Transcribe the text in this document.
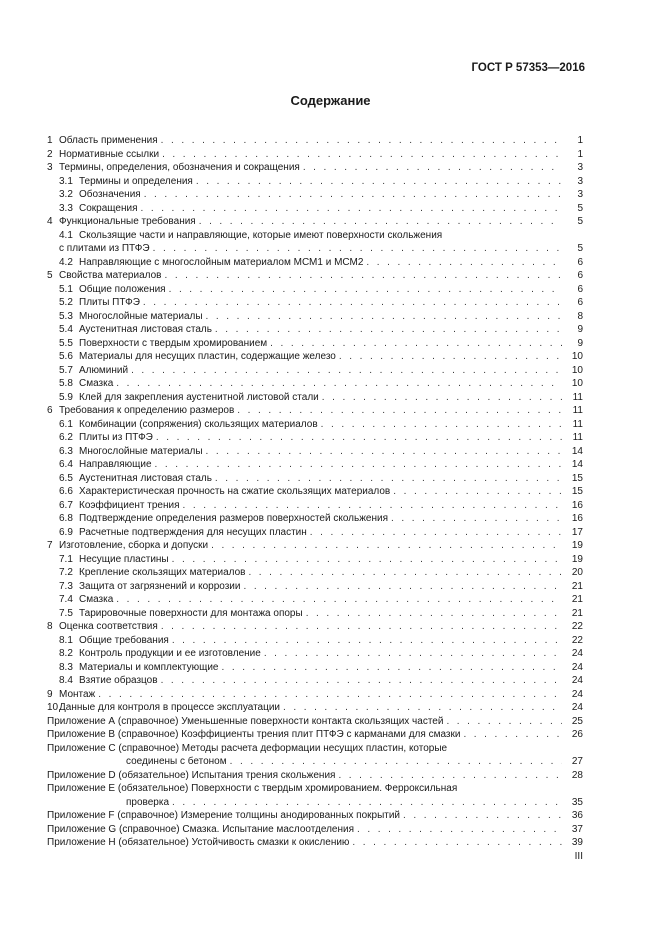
ГОСТ Р 57353—2016
Содержание
1 Область применения . . .	1
2 Нормативные ссылки . . .	1
3 Термины, определения, обозначения и сокращения . . .	3
3.1 Термины и определения . . .	3
3.2 Обозначения . . .	3
3.3 Сокращения . . .	5
4 Функциональные требования . . .	5
4.1 Скользящие части и направляющие, которые имеют поверхности скольжения
с плитами из ПТФЭ . . .	5
4.2 Направляющие с многослойным материалом МСМ1 и МСМ2 . . .	6
5 Свойства материалов . . .	6
5.1 Общие положения . . .	6
5.2 Плиты ПТФЭ . . .	6
5.3 Многослойные материалы . . .	8
5.4 Аустенитная листовая сталь . . .	9
5.5 Поверхности с твердым хромированием . . .	9
5.6 Материалы для несущих пластин, содержащие железо . . .	10
5.7 Алюминий . . .	10
5.8 Смазка . . .	10
5.9 Клей для закрепления аустенитной листовой стали . . .	11
6 Требования к определению размеров . . .	11
6.1 Комбинации (сопряжения) скользящих материалов . . .	11
6.2 Плиты из ПТФЭ . . .	11
6.3 Многослойные материалы . . .	14
6.4 Направляющие . . .	14
6.5 Аустенитная листовая сталь . . .	15
6.6 Характеристическая прочность на сжатие скользящих материалов . . .	15
6.7 Коэффициент трения . . .	16
6.8 Подтверждение определения размеров поверхностей скольжения . . .	16
6.9 Расчетные подтверждения для несущих пластин . . .	17
7 Изготовление, сборка и допуски . . .	19
7.1 Несущие пластины . . .	19
7.2 Крепление скользящих материалов . . .	20
7.3 Защита от загрязнений и коррозии . . .	21
7.4 Смазка . . .	21
7.5 Тарировочные поверхности для монтажа опоры . . .	21
8 Оценка соответствия . . .	22
8.1 Общие требования . . .	22
8.2 Контроль продукции и ее изготовление . . .	24
8.3 Материалы и комплектующие . . .	24
8.4 Взятие образцов . . .	24
9 Монтаж . . .	24
10 Данные для контроля в процессе эксплуатации . . .	24
Приложение А (справочное) Уменьшенные поверхности контакта скользящих частей . . .	25
Приложение В (справочное) Коэффициенты трения плит ПТФЭ с карманами для смазки . . .	26
Приложение С (справочное) Методы расчета деформации несущих пластин, которые
соединены с бетоном . . .	27
Приложение D (обязательное) Испытания трения скольжения . . .	28
Приложение Е (обязательное) Поверхности с твердым хромированием. Ферроксильная
проверка . . .	35
Приложение F (справочное) Измерение толщины анодированных покрытий . . .	36
Приложение G (справочное) Смазка. Испытание маслоотделения . . .	37
Приложение H (обязательное) Устойчивость смазки к окислению . . .	39
III
